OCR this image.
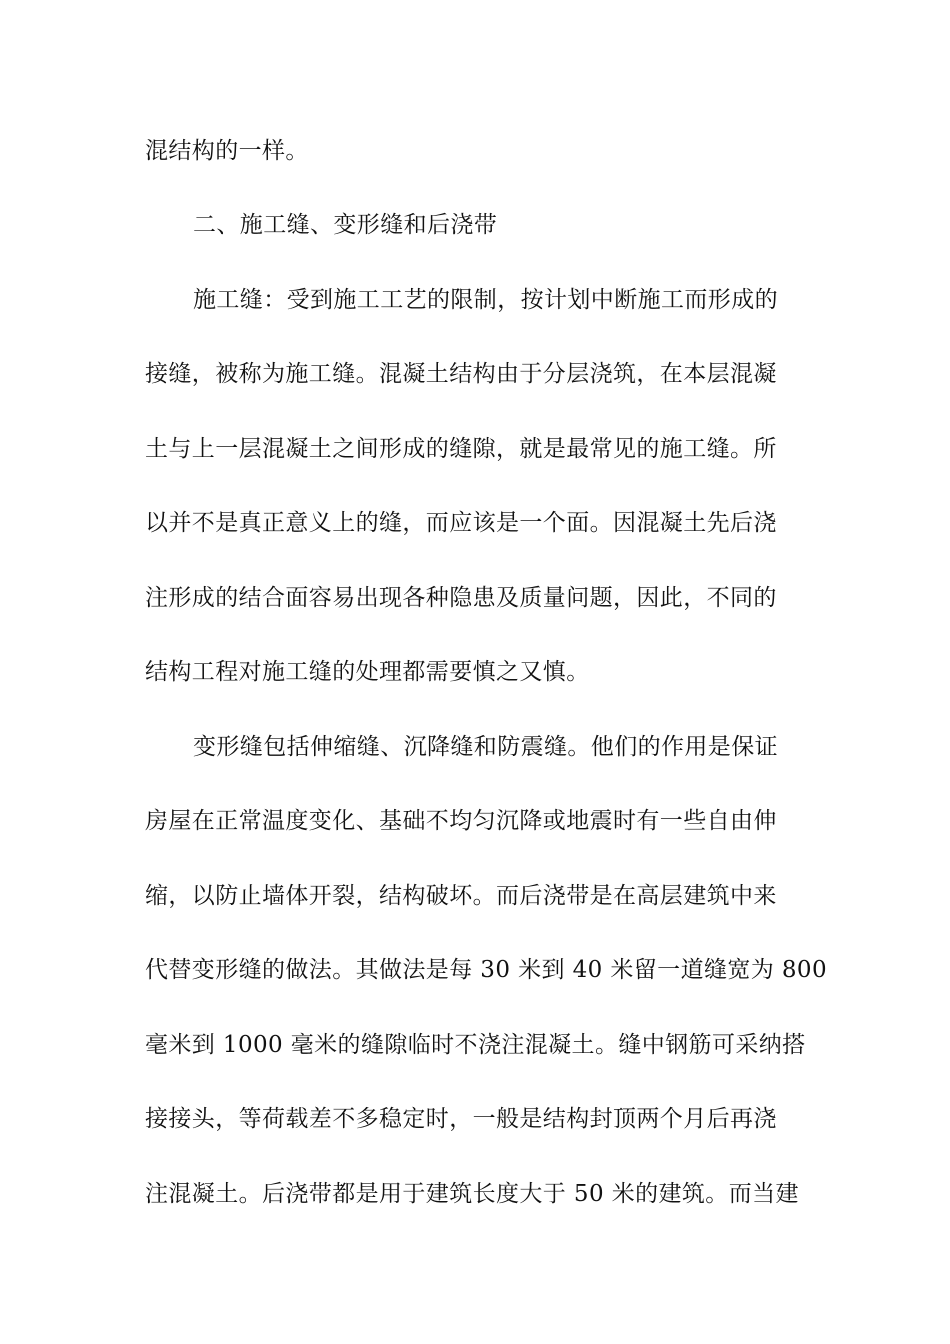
混结构的一样。
二、施工缝、变形缝和后浇带
施工缝：受到施工工艺的限制，按计划中断施工而形成的
接缝，被称为施工缝。混凝土结构由于分层浇筑，在本层混凝
土与上一层混凝土之间形成的缝隙，就是最常见的施工缝。所
以并不是真正意义上的缝，而应该是一个面。因混凝土先后浇
注形成的结合面容易出现各种隐患及质量问题，因此，不同的
结构工程对施工缝的处理都需要慎之又慎。
变形缝包括伸缩缝、沉降缝和防震缝。他们的作用是保证
房屋在正常温度变化、基础不均匀沉降或地震时有一些自由伸
缩，以防止墙体开裂，结构破坏。而后浇带是在高层建筑中来
代替变形缝的做法。其做法是每 30 米到 40 米留一道缝宽为 800
毫米到 1000 毫米的缝隙临时不浇注混凝土。缝中钢筋可采纳搭
接接头，等荷载差不多稳定时，一般是结构封顶两个月后再浇
注混凝土。后浇带都是用于建筑长度大于 50 米的建筑。而当建
